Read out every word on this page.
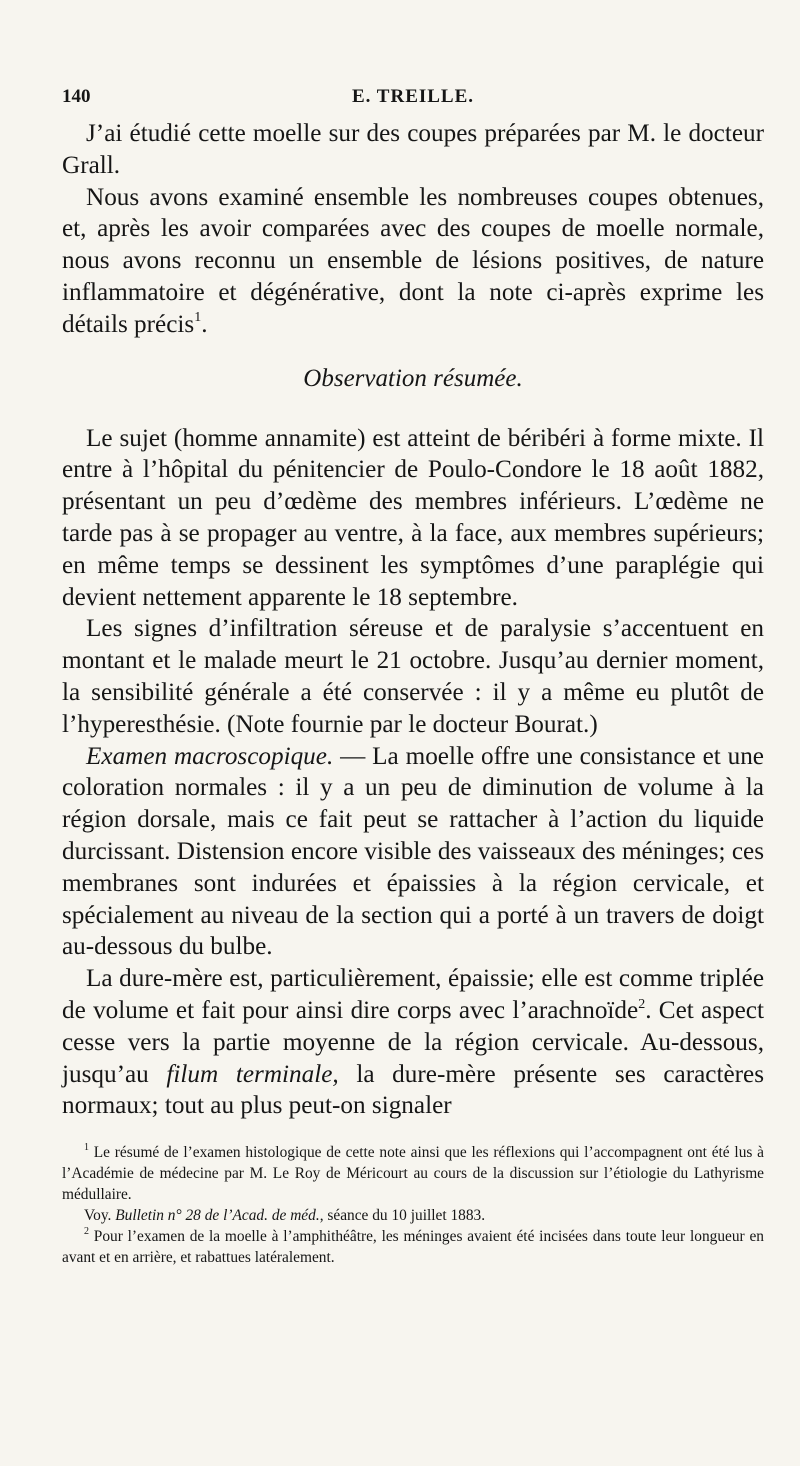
140	E. TREILLE.

J’ai étudié cette moelle sur des coupes préparées par M. le docteur Grall.

Nous avons examiné ensemble les nombreuses coupes obtenues, et, après les avoir comparées avec des coupes de moelle normale, nous avons reconnu un ensemble de lésions positives, de nature inflammatoire et dégénérative, dont la note ci-après exprime les détails précis$^1$.

Observation résumée.

Le sujet (homme annamite) est atteint de béribéri à forme mixte. Il entre à l’hôpital du pénitencier de Poulo-Condore le 18 août 1882, présentant un peu d’œdème des membres inférieurs. L’œdème ne tarde pas à se propager au ventre, à la face, aux membres supérieurs; en même temps se dessinent les symptômes d’une paraplégie qui devient nettement apparente le 18 septembre.

Les signes d’infiltration séreuse et de paralysie s’accentuent en montant et le malade meurt le 21 octobre. Jusqu’au dernier moment, la sensibilité générale a été conservée : il y a même eu plutôt de l’hyperesthésie. (Note fournie par le docteur Bourat.)

Examen macroscopique. — La moelle offre une consistance et une coloration normales : il y a un peu de diminution de volume à la région dorsale, mais ce fait peut se rattacher à l’action du liquide durcissant. Distension encore visible des vaisseaux des méninges; ces membranes sont indurées et épaissies à la région cervicale, et spécialement au niveau de la section qui a porté à un travers de doigt au-dessous du bulbe.

La dure-mère est, particulièrement, épaissie; elle est comme triplée de volume et fait pour ainsi dire corps avec l’arachnoïde$^2$. Cet aspect cesse vers la partie moyenne de la région cervicale. Au-dessous, jusqu’au filum terminale, la dure-mère présente ses caractères normaux; tout au plus peut-on signaler

$^1$ Le résumé de l’examen histologique de cette note ainsi que les réflexions qui l’accompagnent ont été lus à l’Académie de médecine par M. Le Roy de Méricourt au cours de la discussion sur l’étiologie du Lathyrisme médullaire.

Voy. Bulletin n° 28 de l’Acad. de méd., séance du 10 juillet 1883.

$^2$ Pour l’examen de la moelle à l’amphithéâtre, les méninges avaient été incisées dans toute leur longueur en avant et en arrière, et rabattues latéralement.
